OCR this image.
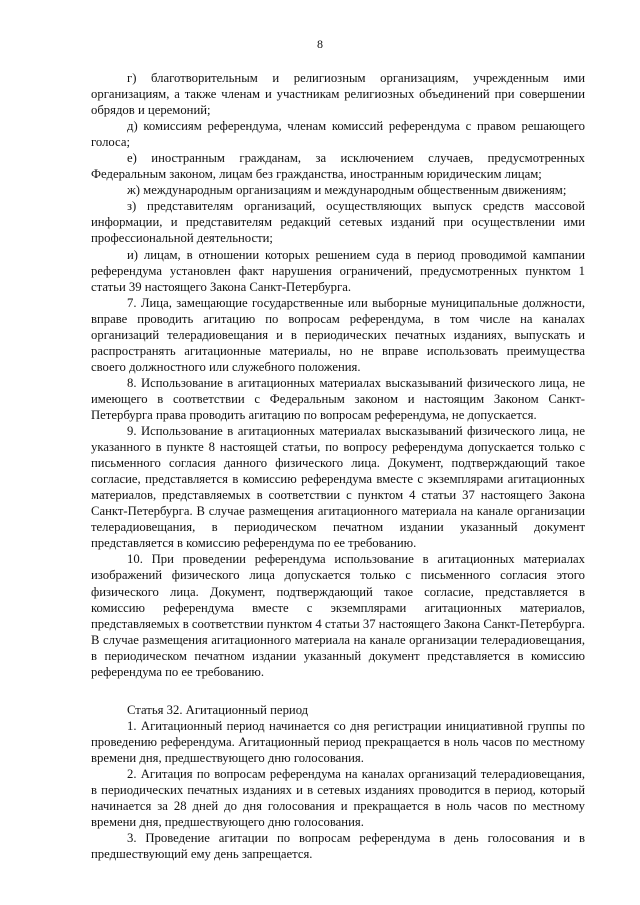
8

г) благотворительным и религиозным организациям, учрежденным ими организациям, а также членам и участникам религиозных объединений при совершении обрядов и церемоний;

д) комиссиям референдума, членам комиссий референдума с правом решающего голоса;

е) иностранным гражданам, за исключением случаев, предусмотренных Федеральным законом, лицам без гражданства, иностранным юридическим лицам;

ж) международным организациям и международным общественным движениям;

з) представителям организаций, осуществляющих выпуск средств массовой информации, и представителям редакций сетевых изданий при осуществлении ими профессиональной деятельности;

и) лицам, в отношении которых решением суда в период проводимой кампании референдума установлен факт нарушения ограничений, предусмотренных пунктом 1 статьи 39 настоящего Закона Санкт-Петербурга.

7. Лица, замещающие государственные или выборные муниципальные должности, вправе проводить агитацию по вопросам референдума, в том числе на каналах организаций телерадиовещания и в периодических печатных изданиях, выпускать и распространять агитационные материалы, но не вправе использовать преимущества своего должностного или служебного положения.

8. Использование в агитационных материалах высказываний физического лица, не имеющего в соответствии с Федеральным законом и настоящим Законом Санкт-Петербурга права проводить агитацию по вопросам референдума, не допускается.

9. Использование в агитационных материалах высказываний физического лица, не указанного в пункте 8 настоящей статьи, по вопросу референдума допускается только с письменного согласия данного физического лица. Документ, подтверждающий такое согласие, представляется в комиссию референдума вместе с экземплярами агитационных материалов, представляемых в соответствии с пунктом 4 статьи 37 настоящего Закона Санкт-Петербурга. В случае размещения агитационного материала на канале организации телерадиовещания, в периодическом печатном издании указанный документ представляется в комиссию референдума по ее требованию.

10. При проведении референдума использование в агитационных материалах изображений физического лица допускается только с письменного согласия этого физического лица. Документ, подтверждающий такое согласие, представляется в комиссию референдума вместе с экземплярами агитационных материалов, представляемых в соответствии пунктом 4 статьи 37 настоящего Закона Санкт-Петербурга. В случае размещения агитационного материала на канале организации телерадиовещания, в периодическом печатном издании указанный документ представляется в комиссию референдума по ее требованию.

Статья 32. Агитационный период

1. Агитационный период начинается со дня регистрации инициативной группы по проведению референдума. Агитационный период прекращается в ноль часов по местному времени дня, предшествующего дню голосования.

2. Агитация по вопросам референдума на каналах организаций телерадиовещания, в периодических печатных изданиях и в сетевых изданиях проводится в период, который начинается за 28 дней до дня голосования и прекращается в ноль часов по местному времени дня, предшествующего дню голосования.

3. Проведение агитации по вопросам референдума в день голосования и в предшествующий ему день запрещается.
